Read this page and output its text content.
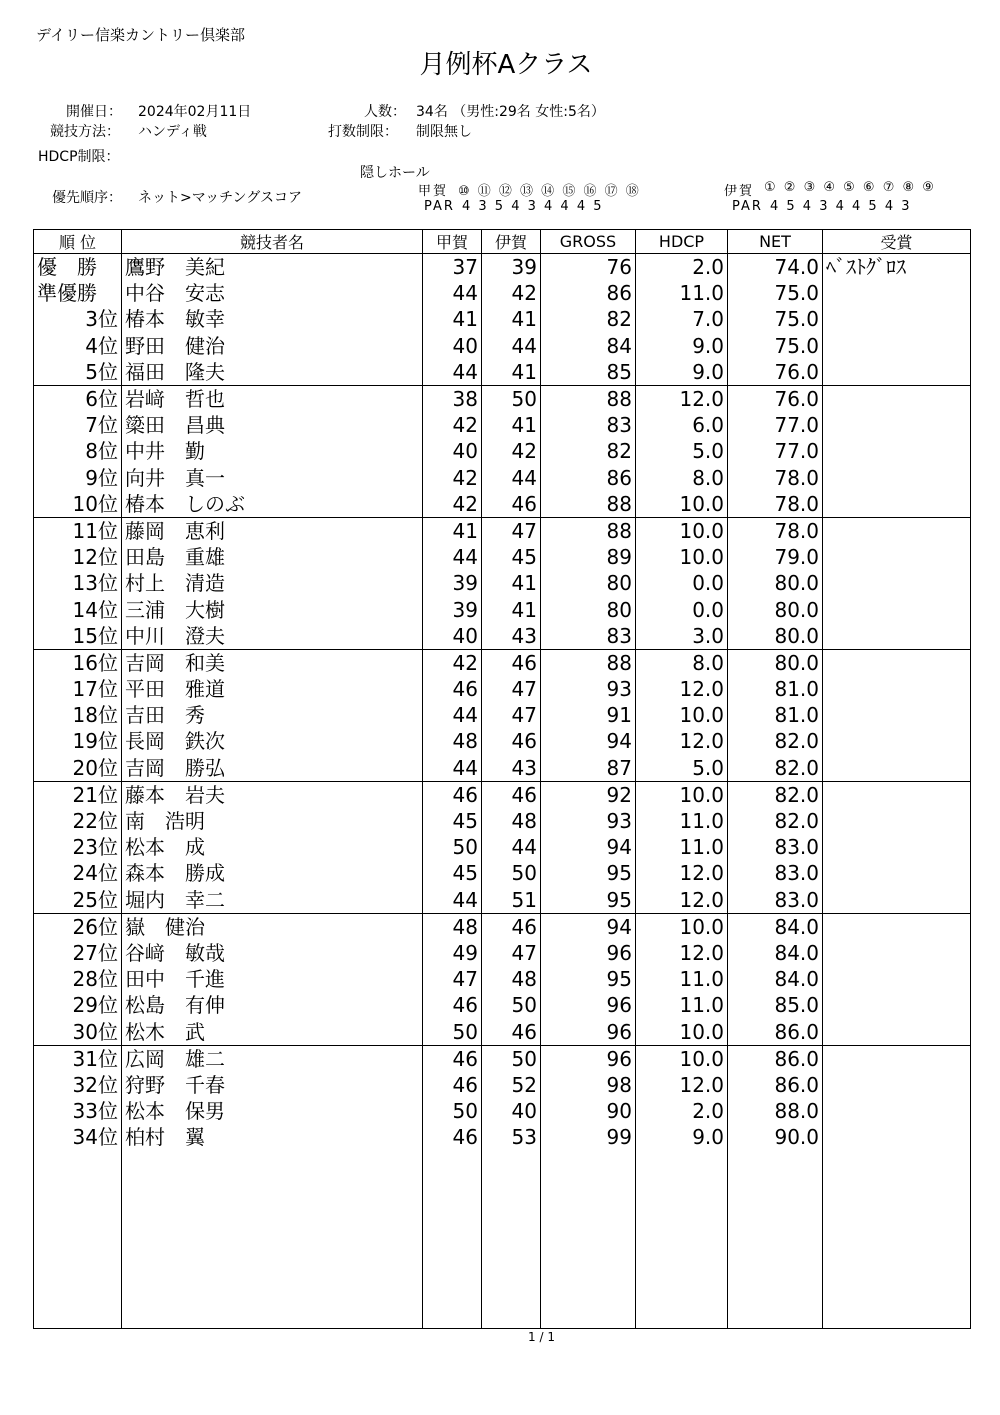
デイリー信楽カントリー倶楽部
月例杯Aクラス
開催日： 2024年02月11日
競技方法： ハンディ戦
HDCP制限：
人数： 34名 （男性:29名 女性:5名）
打数制限： 制限無し
隠しホール
優先順序： ネット>マッチングスコア	甲賀 ⑩ ⑪ ⑫ ⑬ ⑭ ⑮ ⑯ ⑰ ⑱
PAR 4 3 5 4 3 4 4 4 5
伊賀 ① ② ③ ④ ⑤ ⑥ ⑦ ⑧ ⑨
PAR 4 5 4 3 4 4 5 4 3
順 位	競技者名	甲賀	伊賀	GROSS	HDCP	NET	受賞
優　勝	鷹野　美紀	37	39	76	2.0	74.0	ﾍﾞｽﾄｸﾞﾛｽ
準優勝	中谷　安志	44	42	86	11.0	75.0	
3位	椿本　敏幸	41	41	82	7.0	75.0	
4位	野田　健治	40	44	84	9.0	75.0	
5位	福田　隆夫	44	41	85	9.0	76.0	
6位	岩﨑　哲也	38	50	88	12.0	76.0	
7位	簗田　昌典	42	41	83	6.0	77.0	
8位	中井　勤	40	42	82	5.0	77.0	
9位	向井　真一	42	44	86	8.0	78.0	
10位	椿本　しのぶ	42	46	88	10.0	78.0	
11位	藤岡　恵利	41	47	88	10.0	78.0	
12位	田島　重雄	44	45	89	10.0	79.0	
13位	村上　清造	39	41	80	0.0	80.0	
14位	三浦　大樹	39	41	80	0.0	80.0	
15位	中川　澄夫	40	43	83	3.0	80.0	
16位	吉岡　和美	42	46	88	8.0	80.0	
17位	平田　雅道	46	47	93	12.0	81.0	
18位	吉田　秀	44	47	91	10.0	81.0	
19位	長岡　鉄次	48	46	94	12.0	82.0	
20位	吉岡　勝弘	44	43	87	5.0	82.0	
21位	藤本　岩夫	46	46	92	10.0	82.0	
22位	南　浩明	45	48	93	11.0	82.0	
23位	松本　成	50	44	94	11.0	83.0	
24位	森本　勝成	45	50	95	12.0	83.0	
25位	堀内　幸二	44	51	95	12.0	83.0	
26位	嶽　健治	48	46	94	10.0	84.0	
27位	谷﨑　敏哉	49	47	96	12.0	84.0	
28位	田中　千進	47	48	95	11.0	84.0	
29位	松島　有伸	46	50	96	11.0	85.0	
30位	松木　武	50	46	96	10.0	86.0	
31位	広岡　雄二	46	50	96	10.0	86.0	
32位	狩野　千春	46	52	98	12.0	86.0	
33位	松本　保男	50	40	90	2.0	88.0	
34位	柏村　翼	46	53	99	9.0	90.0	

1 / 1
